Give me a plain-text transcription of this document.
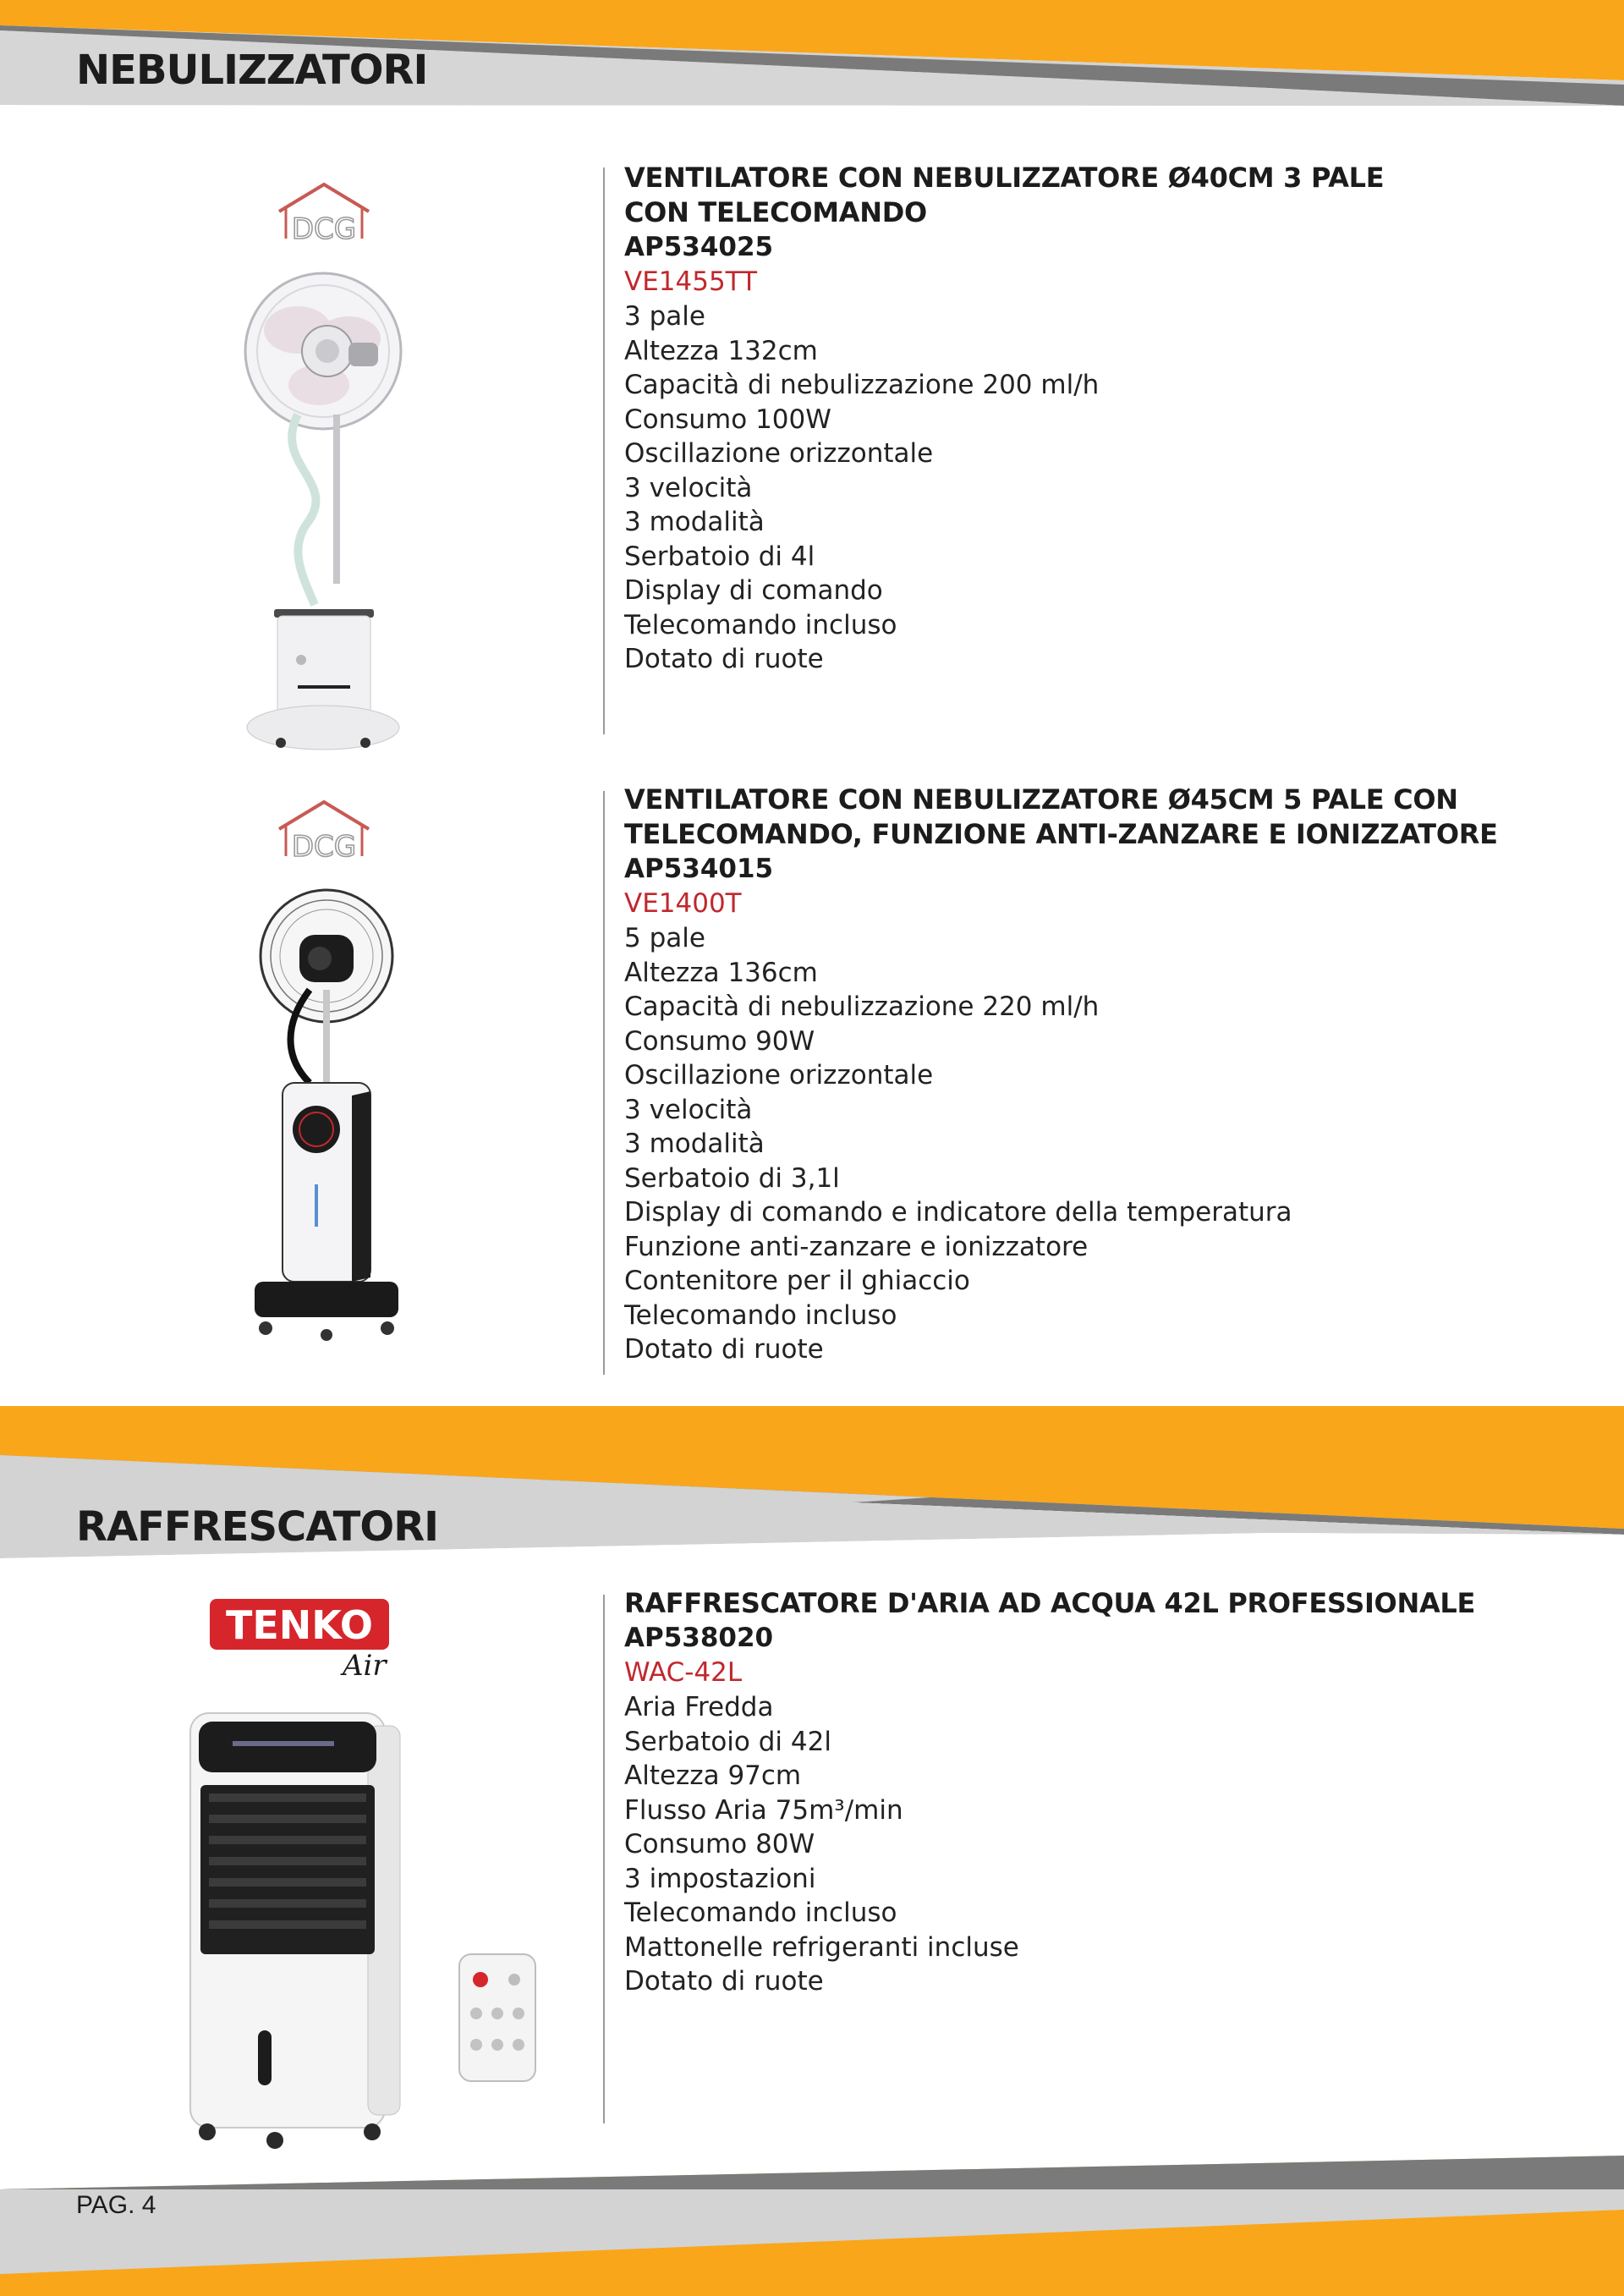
NEBULIZZATORI
DCG

VENTILATORE CON NEBULIZZATORE Ø40CM 3 PALE

CON TELECOMANDO

AP534025

VE1455TT

3 pale
Altezza 132cm
Capacità di nebulizzazione 200 ml/h
Consumo 100W
Oscillazione orizzontale
3 velocità
3 modalità
Serbatoio di 4l
Display di comando
Telecomando incluso
Dotato di ruote
DCG

VENTILATORE CON NEBULIZZATORE Ø45CM 5 PALE CON

TELECOMANDO, FUNZIONE ANTI-ZANZARE E IONIZZATORE

AP534015

VE1400T

5 pale
Altezza 136cm
Capacità di nebulizzazione 220 ml/h
Consumo 90W
Oscillazione orizzontale
3 velocità
3 modalità
Serbatoio di 3,1l
Display di comando e indicatore della temperatura
Funzione anti-zanzare e ionizzatore
Contenitore per il ghiaccio
Telecomando incluso
Dotato di ruote
RAFFRESCATORI
TENKO
Air

RAFFRESCATORE D'ARIA AD ACQUA 42L PROFESSIONALE

AP538020

WAC-42L

Aria Fredda
Serbatoio di 42l
Altezza 97cm
Flusso Aria 75m³/min
Consumo 80W
3 impostazioni
Telecomando incluso
Mattonelle refrigeranti incluse
Dotato di ruote
PAG. 4
